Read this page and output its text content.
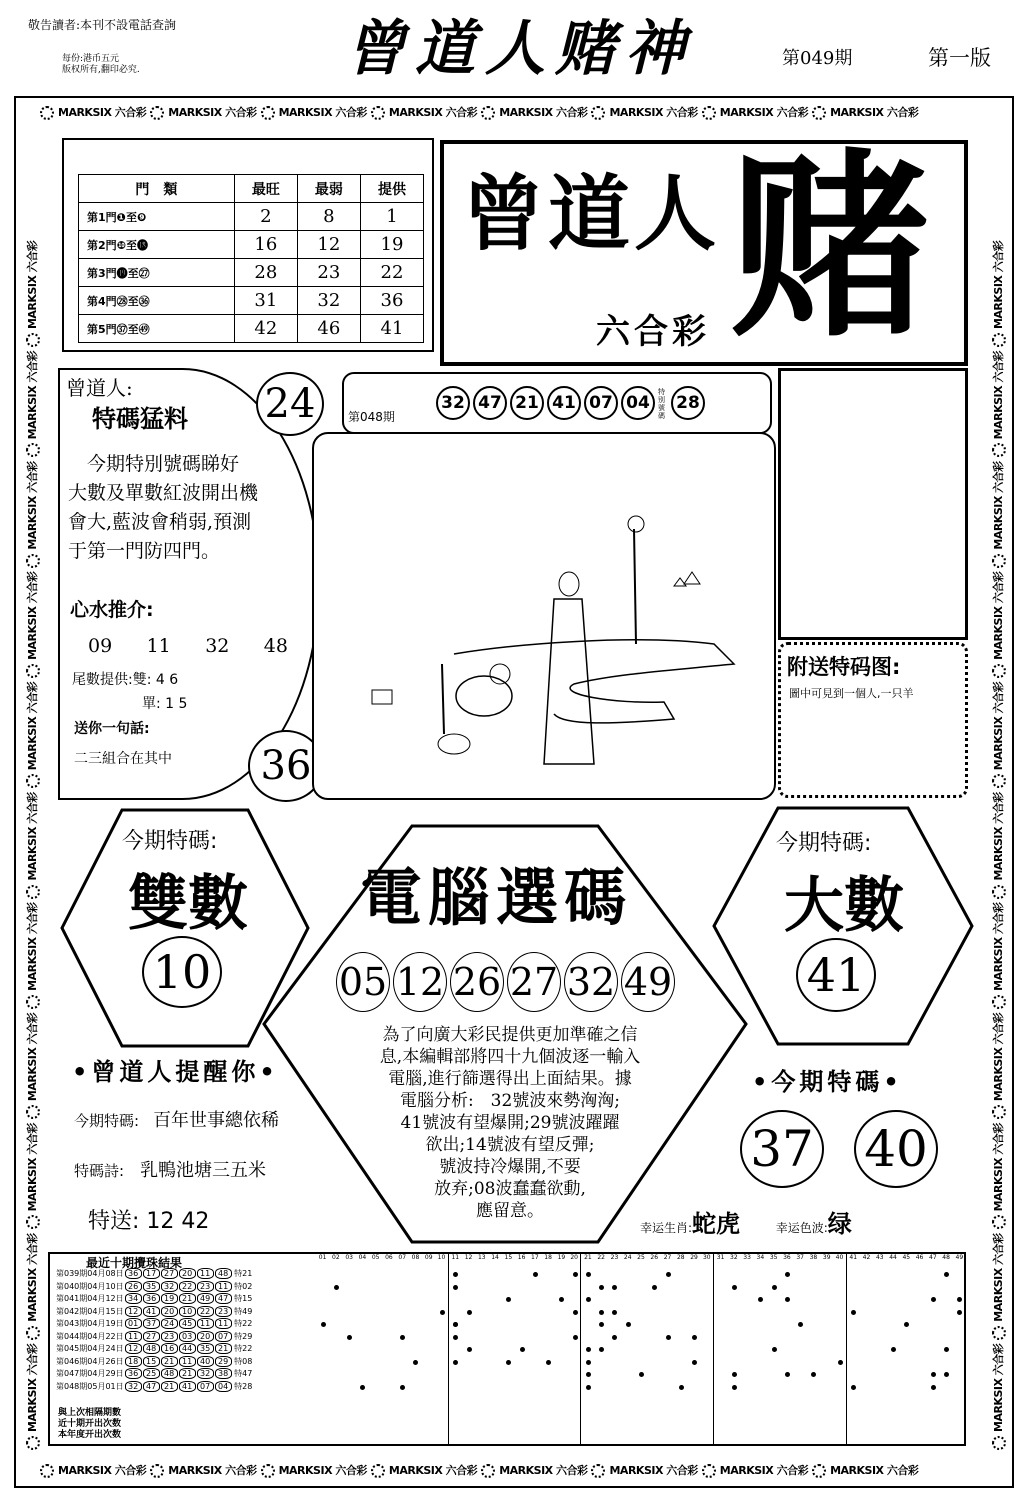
敬告讀者:本刊不設電話查詢
每份:港币五元
版权所有,翻印必究.	曾道人赌神	第049期	第一版
MARKSIX 六合彩 MARKSIX 六合彩 MARKSIX 六合彩 MARKSIX 六合彩 MARKSIX 六合彩 MARKSIX 六合彩 MARKSIX 六合彩 MARKSIX 六合彩
MARKSIX 六合彩 MARKSIX 六合彩 MARKSIX 六合彩 MARKSIX 六合彩 MARKSIX 六合彩 MARKSIX 六合彩 MARKSIX 六合彩 MARKSIX 六合彩
MARKSIX 六合彩MARKSIX 六合彩MARKSIX 六合彩MARKSIX 六合彩MARKSIX 六合彩MARKSIX 六合彩MARKSIX 六合彩MARKSIX 六合彩MARKSIX 六合彩MARKSIX 六合彩MARKSIX 六合彩
MARKSIX 六合彩MARKSIX 六合彩MARKSIX 六合彩MARKSIX 六合彩MARKSIX 六合彩MARKSIX 六合彩MARKSIX 六合彩MARKSIX 六合彩MARKSIX 六合彩MARKSIX 六合彩MARKSIX 六合彩
門　類	最旺	最弱	提供
第1門❶至❾	2	8	1
第2門❿至⓲	16	12	19
第3門⓳至㉗	28	23	22
第4門㉘至㊱	31	32	36
第5門㊲至㊾	42	46	41
曾道人 赌
六合彩
曾道人:
特碼猛料
　今期特別號碼睇好
大數及單數紅波開出機
會大,藍波會稍弱,預測
于第一門防四門。
心水推介:
09 11 32 48
尾數提供:雙: 4 6
單: 1 5
送你一句話:
二三組合在其中
24
36
第048期
32 47 21 41 07 04特别號碼28
附送特码图:
圖中可見到一個人,一只羊
今期特碼:
雙數
10
今期特碼:
大數
41
電腦選碼
05 12 26 27 32 49
為了向廣大彩民提供更加準確之信
息,本編輯部將四十九個波逐一輸入
電腦,進行篩選得出上面結果。據
電腦分析:　32號波來勢洶洶;
41號波有望爆開;29號波躍躍
欲出;14號波有望反彈;
號波持冷爆開,不要
放弃;08波蠢蠢欲動,
應留意。
•曾道人提醒你•
今期特碼: 百年世事總依稀
特碼詩: 乳鴨池塘三五米
特送: 12 42
•今期特碼•
37 40
幸运生肖:蛇虎	幸运色波:绿
最近十期攪珠結果
第039期04月08日 36 17 27 20 11 48 特21
第040期04月10日 26 35 32 22 23 11 特02
第041期04月12日 34 36 19 21 49 47 特15
第042期04月15日 12 41 20 10 22 23 特49
第043期04月19日 01 37 24 45 11 11 特22
第044期04月22日 11 27 23 03 20 07 特29
第045期04月24日 12 48 16 44 35 21 特22
第046期04月26日 18 15 21 11 40 29 特08
第047期04月29日 36 25 48 21 32 38 特47
第048期05月01日 32 47 21 41 07 04 特28
01 02 03 04 05 06 07 08 09 10	11 12 13 14 15 16 17 18 19 20	21 22 23 24 25 26 27 28 29 30	31 32 33 34 35 36 37 38 39 40	41 42 43 44 45 46 47 48 49
與上次相隔期數
近十期开出次数
本年度开出次数
